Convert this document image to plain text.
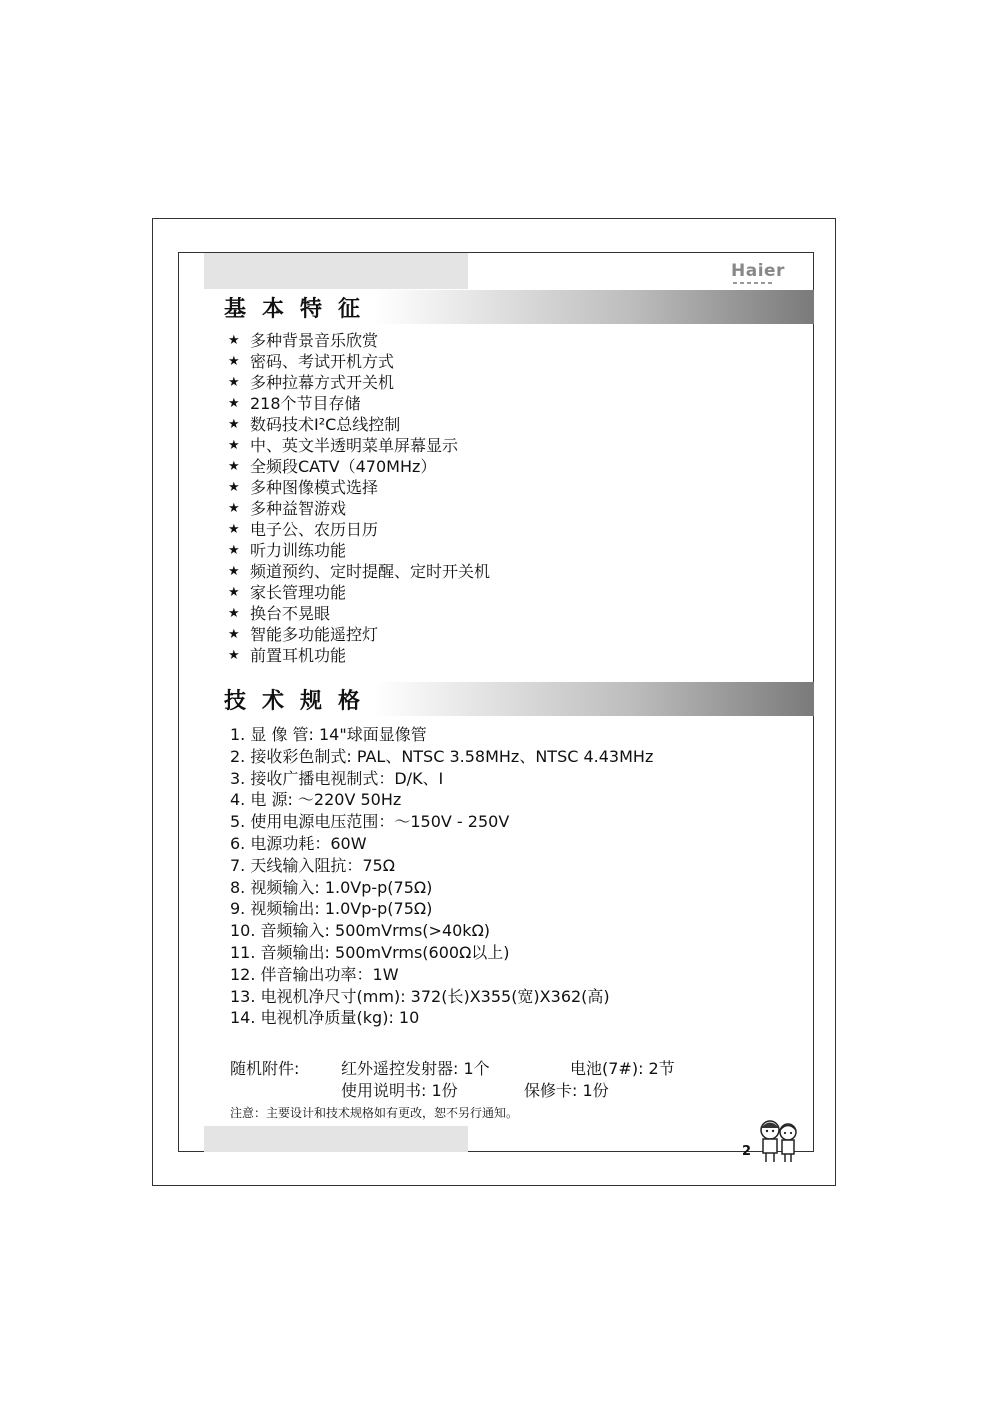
Haier
基本特征
★ 多种背景音乐欣赏
★ 密码、考试开机方式
★ 多种拉幕方式开关机
★ 218个节目存储
★ 数码技术I²C总线控制
★ 中、英文半透明菜单屏幕显示
★ 全频段CATV（470MHz）
★ 多种图像模式选择
★ 多种益智游戏
★ 电子公、农历日历
★ 听力训练功能
★ 频道预约、定时提醒、定时开关机
★ 家长管理功能
★ 换台不晃眼
★ 智能多功能遥控灯
★ 前置耳机功能
技术规格
1. 显 像 管: 14"球面显像管
2. 接收彩色制式: PAL、NTSC 3.58MHz、NTSC 4.43MHz
3. 接收广播电视制式：D/K、I
4. 电 源: ～220V 50Hz
5. 使用电源电压范围：～150V - 250V
6. 电源功耗：60W
7. 天线输入阻抗：75Ω
8. 视频输入: 1.0Vp-p(75Ω)
9. 视频输出: 1.0Vp-p(75Ω)
10. 音频输入: 500mVrms(>40kΩ)
11. 音频输出: 500mVrms(600Ω以上)
12. 伴音输出功率：1W
13. 电视机净尺寸(mm): 372(长)X355(宽)X362(高)
14. 电视机净质量(kg): 10
随机附件:	红外遥控发射器: 1个	电池(7#): 2节
使用说明书: 1份	保修卡: 1份
注意：主要设计和技术规格如有更改，恕不另行通知。
2
